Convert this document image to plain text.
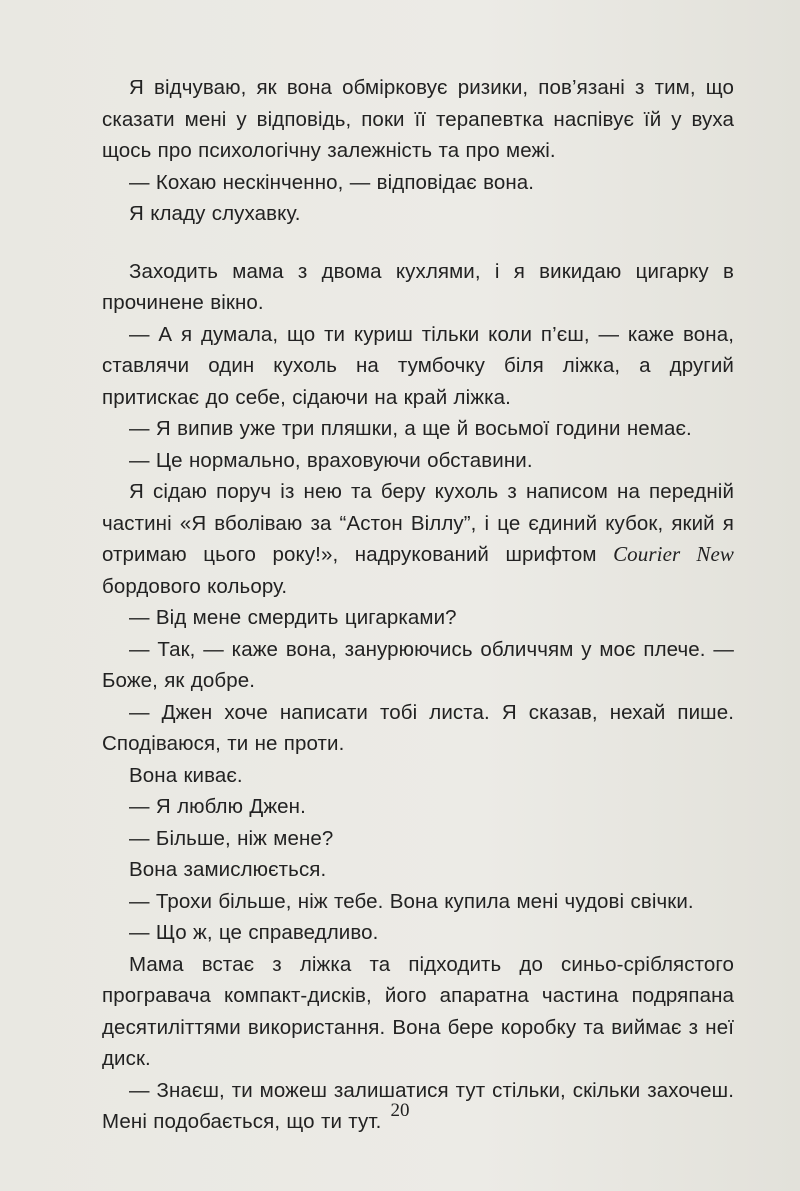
Я відчуваю, як вона обмірковує ризики, пов’язані з тим, що сказати мені у відповідь, поки її терапевтка наспівує їй у вуха щось про психологічну залежність та про межі.

— Кохаю нескінченно, — відповідає вона.

Я кладу слухавку.

Заходить мама з двома кухлями, і я викидаю цигарку в прочинене вікно.

— А я думала, що ти куриш тільки коли п’єш, — каже вона, ставлячи один кухоль на тумбочку біля ліжка, а другий притискає до себе, сідаючи на край ліжка.

— Я випив уже три пляшки, а ще й восьмої години немає.

— Це нормально, враховуючи обставини.

Я сідаю поруч із нею та беру кухоль з написом на передній частині «Я вболіваю за “Астон Віллу”, і це єдиний кубок, який я отримаю цього року!», надрукований шрифтом Courier New бордового кольору.

— Від мене смердить цигарками?

— Так, — каже вона, занурюючись обличчям у моє плече. — Боже, як добре.

— Джен хоче написати тобі листа. Я сказав, нехай пише. Сподіваюся, ти не проти.

Вона киває.

— Я люблю Джен.

— Більше, ніж мене?

Вона замислюється.

— Трохи більше, ніж тебе. Вона купила мені чудові свічки.

— Що ж, це справедливо.

Мама встає з ліжка та підходить до синьо-сріблястого програвача компакт-дисків, його апаратна частина подряпана десятиліттями використання. Вона бере коробку та виймає з неї диск.

— Знаєш, ти можеш залишатися тут стільки, скільки захочеш. Мені подобається, що ти тут. 20
